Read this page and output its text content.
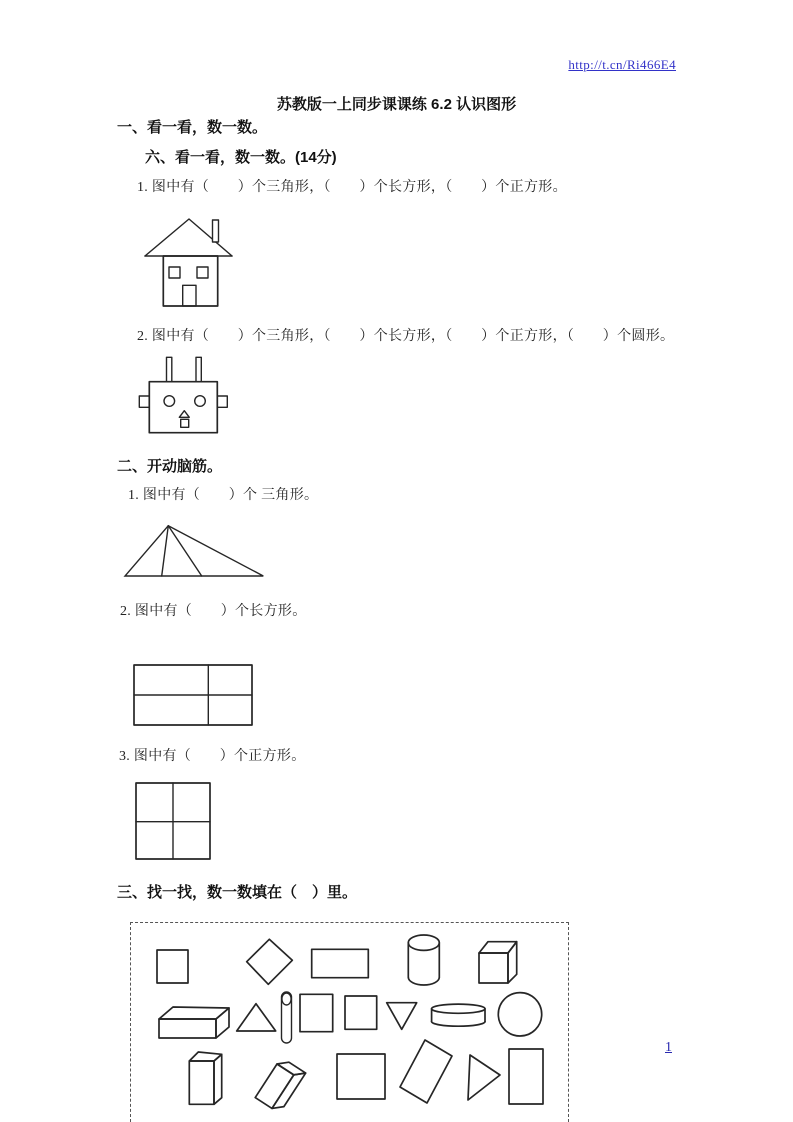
http://t.cn/Ri466E4
苏教版一上同步课课练 6.2 认识图形
一、看一看，数一数。
六、看一看，数一数。(14分)
1. 图中有（　　）个三角形，（　　）个长方形，（　　）个正方形。
2. 图中有（　　）个三角形，（　　）个长方形，（　　）个正方形，（　　）个圆形。
二、开动脑筋。
1. 图中有（　　）个 三角形。
2. 图中有（　　）个长方形。
3. 图中有（　　）个正方形。
三、找一找，数一数填在（　）里。
1
